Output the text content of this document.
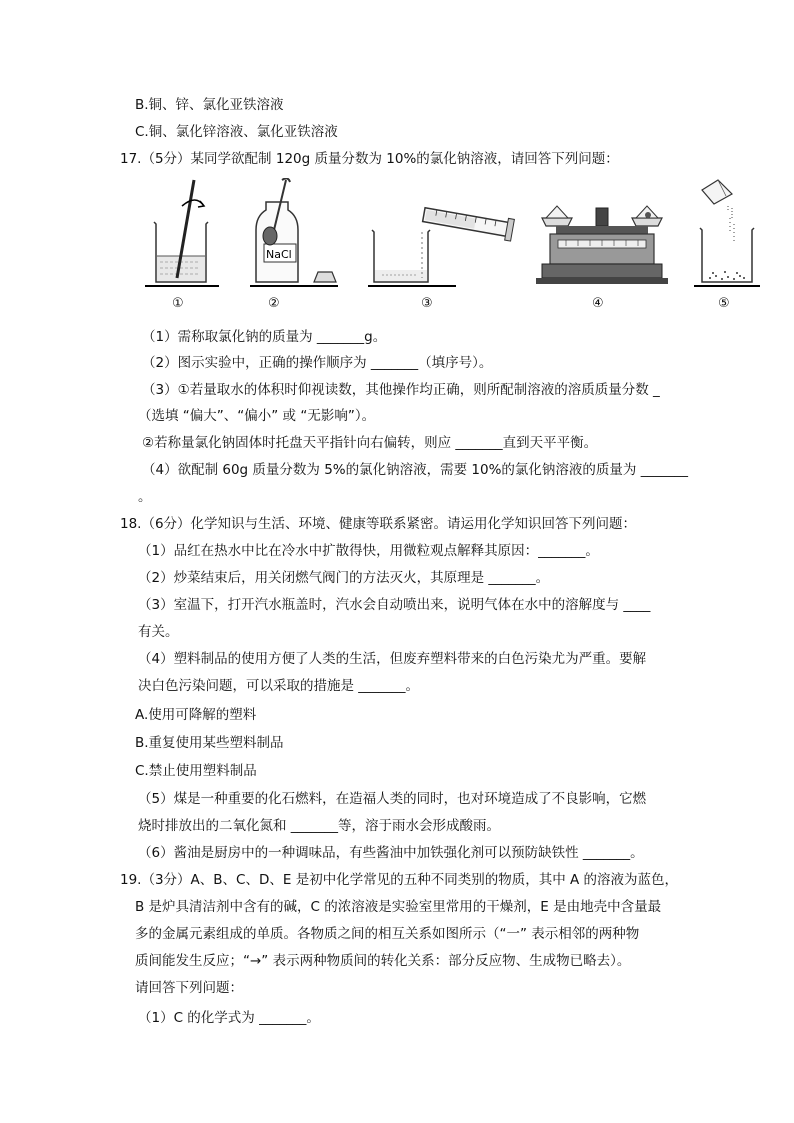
B.铜、锌、氯化亚铁溶液
C.铜、氯化锌溶液、氯化亚铁溶液
17.（5分）某同学欲配制 120g 质量分数为 10%的氯化钠溶液，请回答下列问题：
①
NaCl
②	③	④	⑤
（1）需称取氯化钠的质量为 _______g。
（2）图示实验中，正确的操作顺序为 _______（填序号）。
（3）①若量取水的体积时仰视读数，其他操作均正确，则所配制溶液的溶质质量分数 _
（选填 “偏大”、“偏小” 或 “无影响”）。
②若称量氯化钠固体时托盘天平指针向右偏转，则应 _______直到天平平衡。
（4）欲配制 60g 质量分数为 5%的氯化钠溶液，需要 10%的氯化钠溶液的质量为 _______
。
18.（6分）化学知识与生活、环境、健康等联系紧密。请运用化学知识回答下列问题：
（1）品红在热水中比在冷水中扩散得快，用微粒观点解释其原因：_______。
（2）炒菜结束后，用关闭燃气阀门的方法灭火，其原理是 _______。
（3）室温下，打开汽水瓶盖时，汽水会自动喷出来，说明气体在水中的溶解度与 ____
有关。
（4）塑料制品的使用方便了人类的生活，但废弃塑料带来的白色污染尤为严重。要解
决白色污染问题，可以采取的措施是 _______。
A.使用可降解的塑料
B.重复使用某些塑料制品
C.禁止使用塑料制品
（5）煤是一种重要的化石燃料，在造福人类的同时，也对环境造成了不良影响，它燃
烧时排放出的二氧化氮和 _______等，溶于雨水会形成酸雨。
（6）酱油是厨房中的一种调味品，有些酱油中加铁强化剂可以预防缺铁性 _______。
19.（3分）A、B、C、D、E 是初中化学常见的五种不同类别的物质，其中 A 的溶液为蓝色，
B 是炉具清洁剂中含有的碱，C 的浓溶液是实验室里常用的干燥剂，E 是由地壳中含量最
多的金属元素组成的单质。各物质之间的相互关系如图所示（“一” 表示相邻的两种物
质间能发生反应；“→” 表示两种物质间的转化关系：部分反应物、生成物已略去）。
请回答下列问题：
（1）C 的化学式为 _______。
